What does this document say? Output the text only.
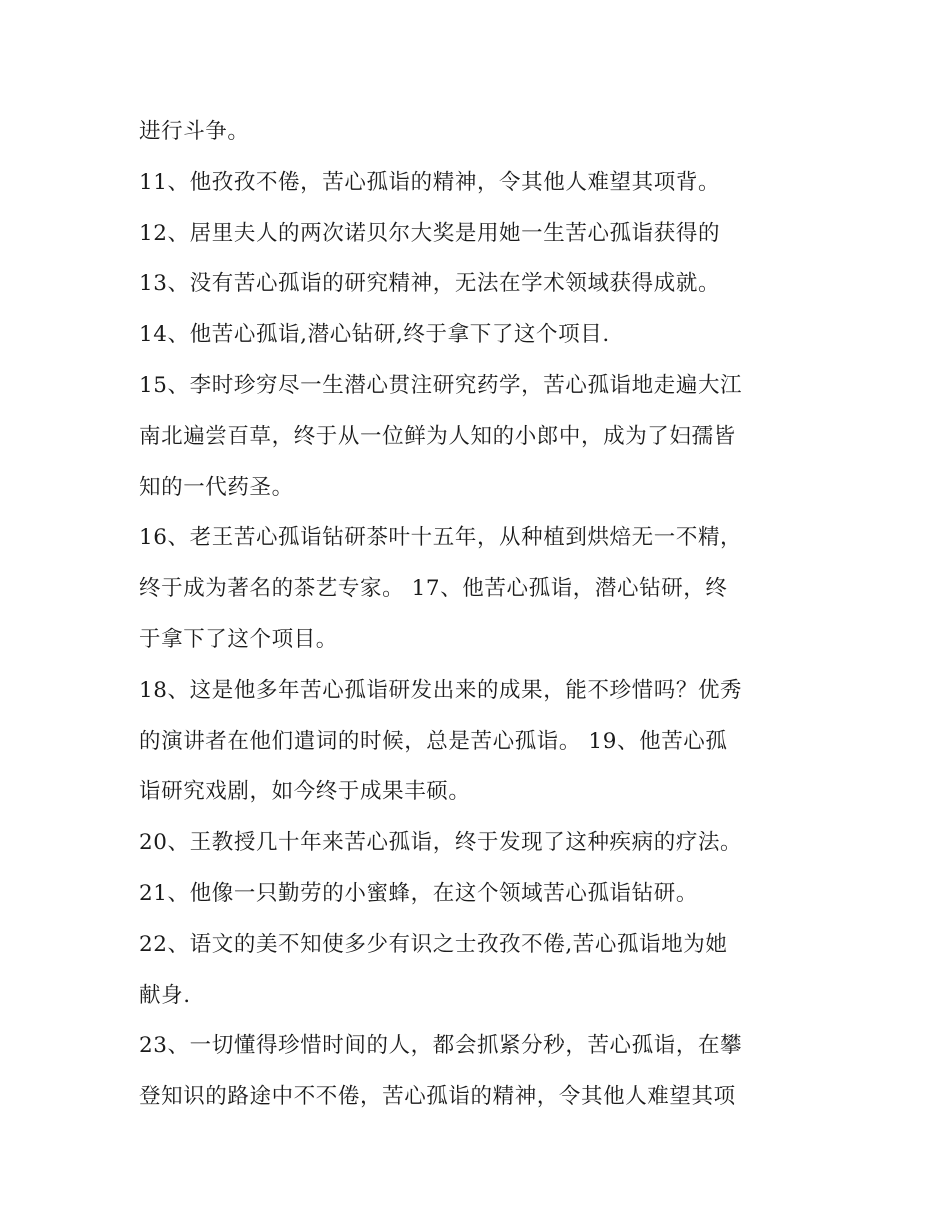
进行斗争。
11、他孜孜不倦，苦心孤诣的精神，令其他人难望其项背。
12、居里夫人的两次诺贝尔大奖是用她一生苦心孤诣获得的
13、没有苦心孤诣的研究精神，无法在学术领域获得成就。
14、他苦心孤诣,潜心钻研,终于拿下了这个项目.
15、李时珍穷尽一生潜心贯注研究药学，苦心孤诣地走遍大江
南北遍尝百草，终于从一位鲜为人知的小郎中，成为了妇孺皆
知的一代药圣。
16、老王苦心孤诣钻研茶叶十五年，从种植到烘焙无一不精，
终于成为著名的茶艺专家。 17、他苦心孤诣，潜心钻研，终
于拿下了这个项目。
18、这是他多年苦心孤诣研发出来的成果，能不珍惜吗？优秀
的演讲者在他们遣词的时候，总是苦心孤诣。 19、他苦心孤
诣研究戏剧，如今终于成果丰硕。
20、王教授几十年来苦心孤诣，终于发现了这种疾病的疗法。
21、他像一只勤劳的小蜜蜂，在这个领域苦心孤诣钻研。
22、语文的美不知使多少有识之士孜孜不倦,苦心孤诣地为她
献身.
23、一切懂得珍惜时间的人，都会抓紧分秒，苦心孤诣，在攀
登知识的路途中不不倦，苦心孤诣的精神，令其他人难望其项
